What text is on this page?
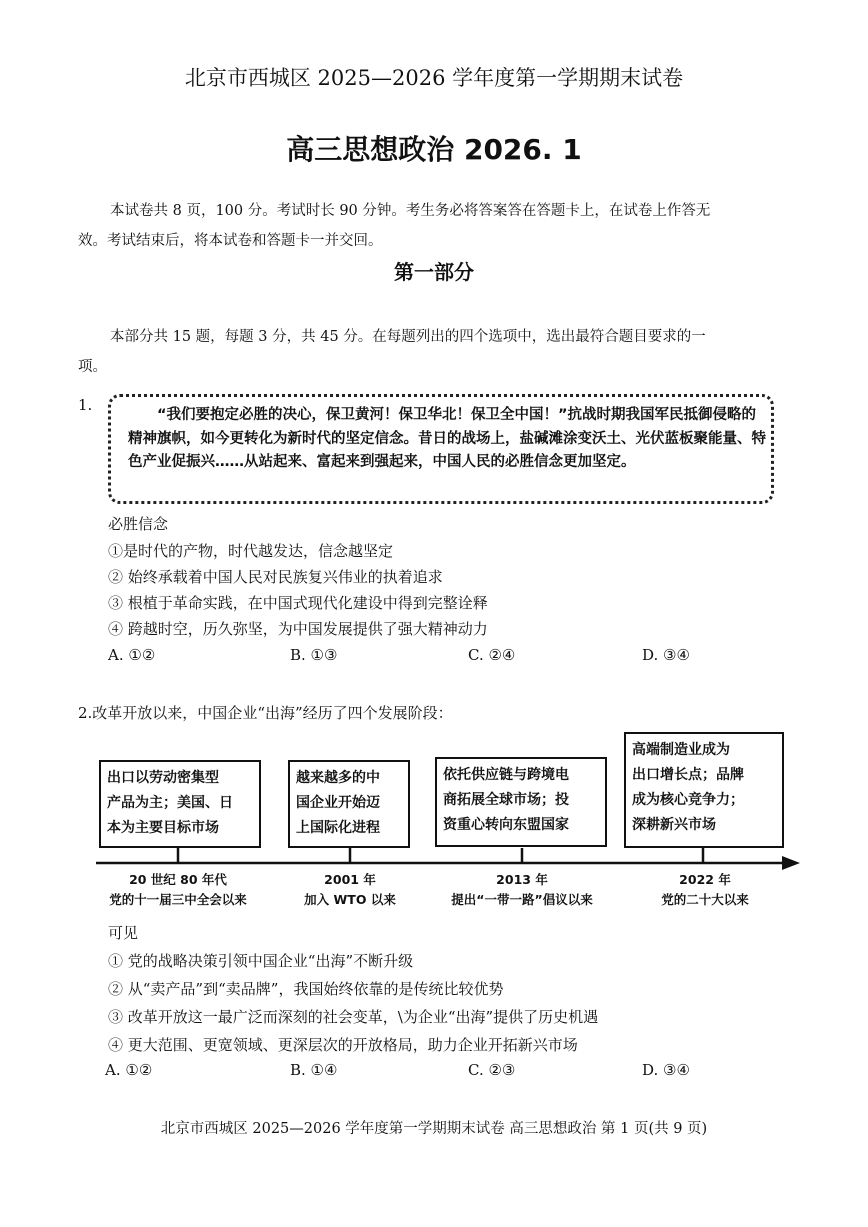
北京市西城区 2025—2026 学年度第一学期期末试卷
高三思想政治 2026. 1
本试卷共 8 页，100 分。考试时长 90 分钟。考生务必将答案答在答题卡上，在试卷上作答无
效。考试结束后，将本试卷和答题卡一并交回。
第一部分
本部分共 15 题，每题 3 分，共 45 分。在每题列出的四个选项中，选出最符合题目要求的一
项。
1.
“我们要抱定必胜的决心，保卫黄河！保卫华北！保卫全中国！”抗战时期我国军民抵御侵略的精神旗帜，如今更转化为新时代的坚定信念。昔日的战场上，盐碱滩涂变沃土、光伏蓝板聚能量、特色产业促振兴……从站起来、富起来到强起来，中国人民的必胜信念更加坚定。
必胜信念
①是时代的产物，时代越发达，信念越坚定
② 始终承载着中国人民对民族复兴伟业的执着追求
③ 根植于革命实践，在中国式现代化建设中得到完整诠释
④ 跨越时空，历久弥坚，为中国发展提供了强大精神动力
A. ①②	B. ①③	C. ②④	D. ③④
2.改革开放以来，中国企业“出海”经历了四个发展阶段：
出口以劳动密集型
产品为主；美国、日
本为主要目标市场
越来越多的中
国企业开始迈
上国际化进程
依托供应链与跨境电
商拓展全球市场；投
资重心转向东盟国家
高端制造业成为
出口增长点；品牌
成为核心竞争力；
深耕新兴市场
20 世纪 80 年代
党的十一届三中全会以来
2001 年
加入 WTO 以来
2013 年
提出“一带一路”倡议以来
2022 年
党的二十大以来
可见
① 党的战略决策引领中国企业“出海”不断升级
② 从“卖产品”到“卖品牌”，我国始终依靠的是传统比较优势
③ 改革开放这一最广泛而深刻的社会变革，\为企业“出海”提供了历史机遇
④ 更大范围、更宽领域、更深层次的开放格局，助力企业开拓新兴市场
A. ①②	B. ①④	C. ②③	D. ③④
北京市西城区 2025—2026 学年度第一学期期末试卷 高三思想政治 第 1 页(共 9 页)
